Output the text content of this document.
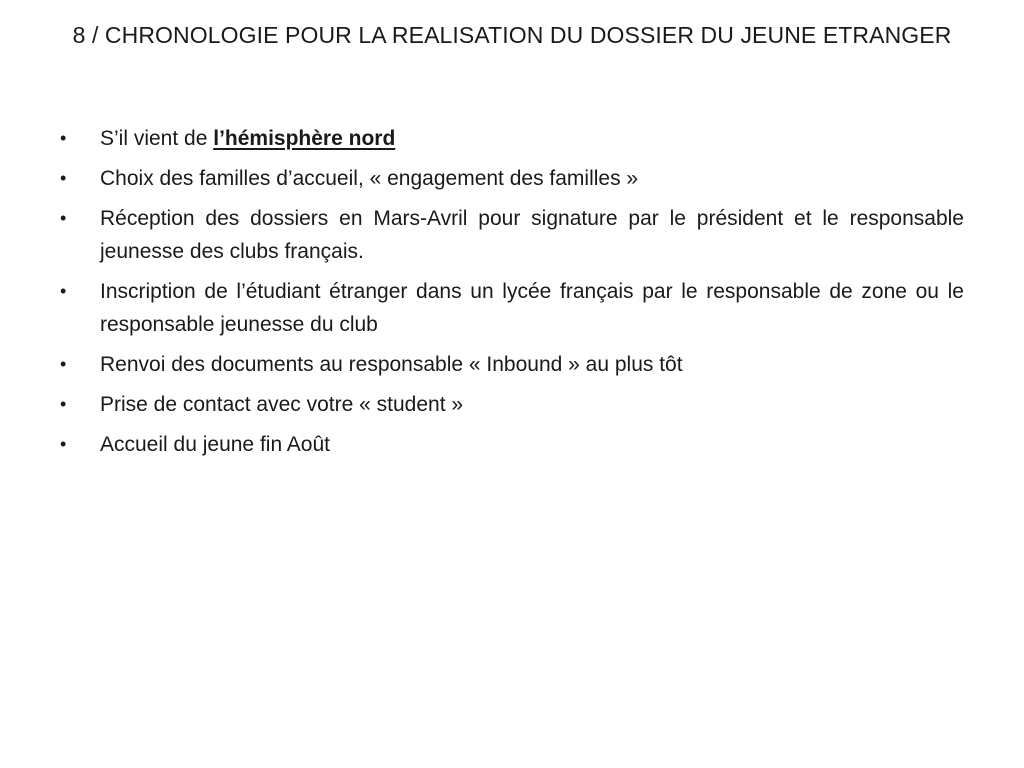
8 / CHRONOLOGIE POUR LA REALISATION DU DOSSIER DU JEUNE ETRANGER
•	S’il vient de l’hémisphère nord
•	Choix des familles d’accueil, « engagement des familles »
•	Réception des dossiers en Mars-Avril pour signature par le président et le responsable jeunesse des clubs français.
•	Inscription de l’étudiant étranger dans un lycée français par le responsable de zone ou le responsable jeunesse du club
•	Renvoi des documents au responsable « Inbound » au plus tôt
•	Prise de contact avec votre « student »
•	Accueil du jeune fin Août
